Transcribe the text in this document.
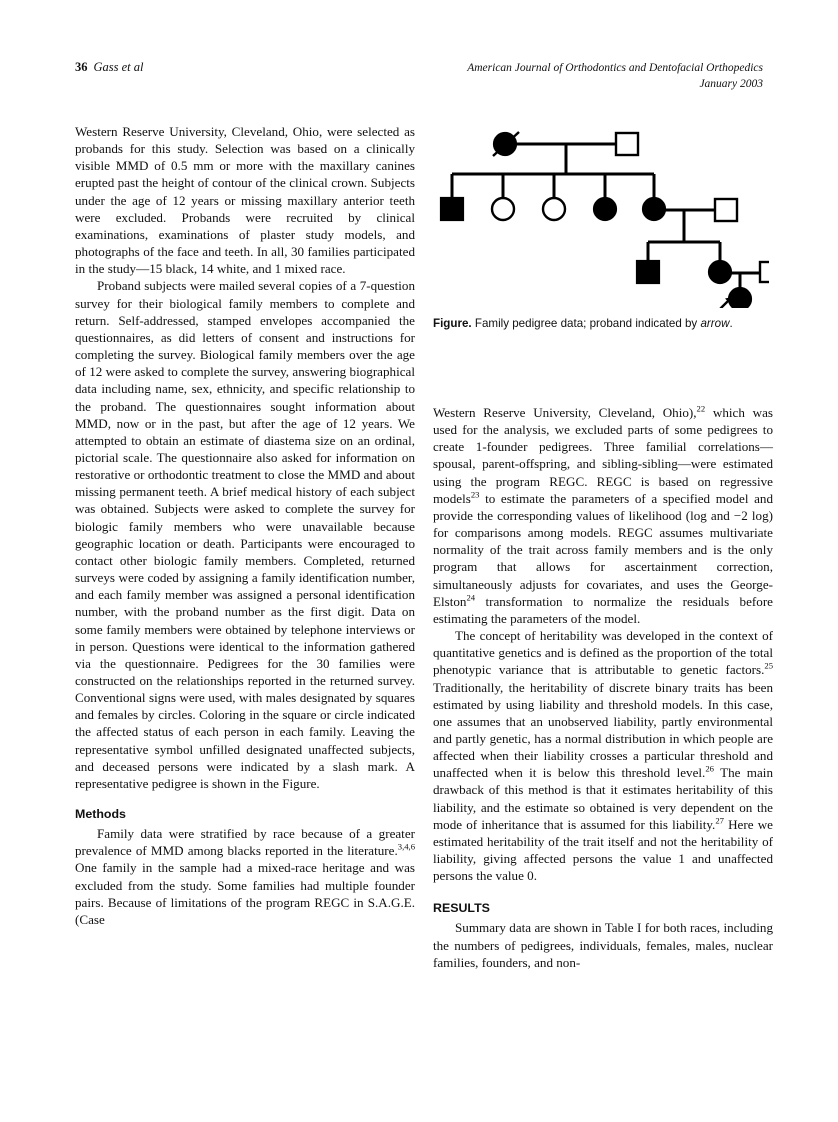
36 Gass et al	American Journal of Orthodontics and Dentofacial Orthopedics
January 2003

Western Reserve University, Cleveland, Ohio, were selected as probands for this study. Selection was based on a clinically visible MMD of 0.5 mm or more with the maxillary canines erupted past the height of contour of the clinical crown. Subjects under the age of 12 years or missing maxillary anterior teeth were excluded. Probands were recruited by clinical examinations, examinations of plaster study models, and photographs of the face and teeth. In all, 30 families participated in the study—15 black, 14 white, and 1 mixed race.

Proband subjects were mailed several copies of a 7-question survey for their biological family members to complete and return. Self-addressed, stamped envelopes accompanied the questionnaires, as did letters of consent and instructions for completing the survey. Biological family members over the age of 12 were asked to complete the survey, answering biographical data including name, sex, ethnicity, and specific relationship to the proband. The questionnaires sought information about MMD, now or in the past, but after the age of 12 years. We attempted to obtain an estimate of diastema size on an ordinal, pictorial scale. The questionnaire also asked for information on restorative or orthodontic treatment to close the MMD and about missing permanent teeth. A brief medical history of each subject was obtained. Subjects were asked to complete the survey for biologic family members who were unavailable because geographic location or death. Participants were encouraged to contact other biologic family members. Completed, returned surveys were coded by assigning a family identification number, and each family member was assigned a personal identification number, with the proband number as the first digit. Data on some family members were obtained by telephone interviews or in person. Questions were identical to the information gathered via the questionnaire. Pedigrees for the 30 families were constructed on the relationships reported in the returned survey. Conventional signs were used, with males designated by squares and females by circles. Coloring in the square or circle indicated the affected status of each person in each family. Leaving the representative symbol unfilled designated unaffected subjects, and deceased persons were indicated by a slash mark. A representative pedigree is shown in the Figure.

Methods

Family data were stratified by race because of a greater prevalence of MMD among blacks reported in the literature.$^{3,4,6}$ One family in the sample had a mixed-race heritage and was excluded from the study. Some families had multiple founder pairs. Because of limitations of the program REGC in S.A.G.E. (Case

Figure. Family pedigree data; proband indicated by arrow.

Western Reserve University, Cleveland, Ohio),$^{22}$ which was used for the analysis, we excluded parts of some pedigrees to create 1-founder pedigrees. Three familial correlations—spousal, parent-offspring, and sibling-sibling—were estimated using the program REGC. REGC is based on regressive models$^{23}$ to estimate the parameters of a specified model and provide the corresponding values of likelihood (log and −2 log) for comparisons among models. REGC assumes multivariate normality of the trait across family members and is the only program that allows for ascertainment correction, simultaneously adjusts for covariates, and uses the George-Elston$^{24}$ transformation to normalize the residuals before estimating the parameters of the model.

The concept of heritability was developed in the context of quantitative genetics and is defined as the proportion of the total phenotypic variance that is attributable to genetic factors.$^{25}$ Traditionally, the heritability of discrete binary traits has been estimated by using liability and threshold models. In this case, one assumes that an unobserved liability, partly environmental and partly genetic, has a normal distribution in which people are affected when their liability crosses a particular threshold and unaffected when it is below this threshold level.$^{26}$ The main drawback of this method is that it estimates heritability of this liability, and the estimate so obtained is very dependent on the mode of inheritance that is assumed for this liability.$^{27}$ Here we estimated heritability of the trait itself and not the heritability of liability, giving affected persons the value 1 and unaffected persons the value 0.

RESULTS

Summary data are shown in Table I for both races, including the numbers of pedigrees, individuals, females, males, nuclear families, founders, and non-
